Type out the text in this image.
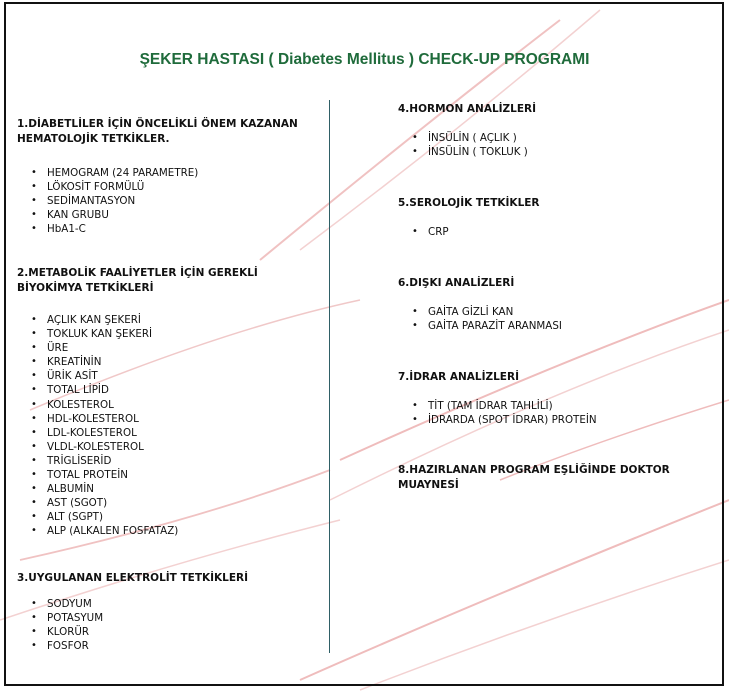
ŞEKER HASTASI ( Diabetes Mellitus ) CHECK-UP PROGRAMI

1.DİABETLİLER İÇİN ÖNCELİKLİ ÖNEM KAZANAN HEMATOLOJİK TETKİKLER.

• HEMOGRAM (24 PARAMETRE)
• LÖKOSİT FORMÜLÜ
• SEDİMANTASYON
• KAN GRUBU
• HbA1-C

2.METABOLİK FAALİYETLER İÇİN GEREKLİ BİYOKİMYA TETKİKLERİ

• AÇLIK KAN ŞEKERİ
• TOKLUK KAN ŞEKERİ
• ÜRE
• KREATİNİN
• ÜRİK ASİT
• TOTAL LİPİD
• KOLESTEROL
• HDL-KOLESTEROL
• LDL-KOLESTEROL
• VLDL-KOLESTEROL
• TRİGLİSERİD
• TOTAL PROTEİN
• ALBUMİN
• AST (SGOT)
• ALT (SGPT)
• ALP (ALKALEN FOSFATAZ)

3.UYGULANAN ELEKTROLİT TETKİKLERİ

• SODYUM
• POTASYUM
• KLORÜR
• FOSFOR

4.HORMON ANALİZLERİ

• İNSÜLİN ( AÇLIK )
• İNSÜLİN ( TOKLUK )

5.SEROLOJİK TETKİKLER

• CRP

6.DIŞKI ANALİZLERİ

• GAİTA GİZLİ KAN
• GAİTA PARAZİT ARANMASI

7.İDRAR ANALİZLERİ

• TİT (TAM İDRAR TAHLİLİ)
• İDRARDA (SPOT İDRAR) PROTEİN

8.HAZIRLANAN PROGRAM EŞLİĞİNDE DOKTOR MUAYNESİ
